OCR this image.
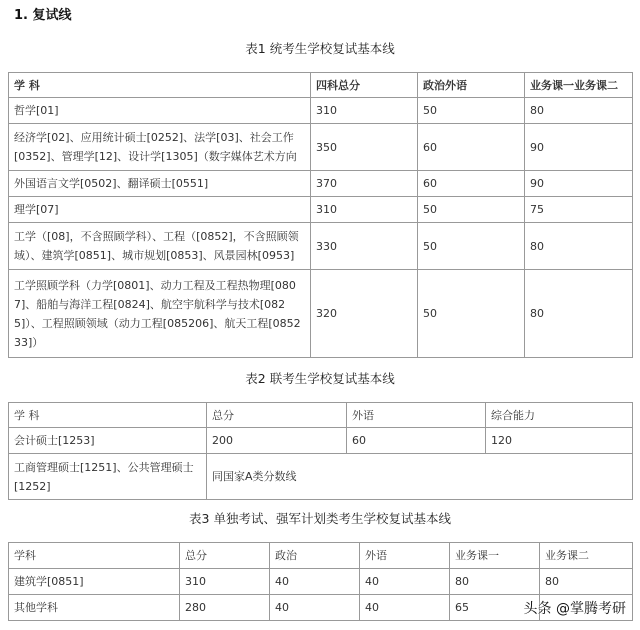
1. 复试线
表1 统考生学校复试基本线
学 科	四科总分	政治外语	业务课一业务课二
哲学[01]	310	50	80
经济学[02]、应用统计硕士[0252]、法学[03]、社会工作[0352]、管理学[12]、设计学[1305]（数字媒体艺术方向	350	60	90
外国语言文学[0502]、翻译硕士[0551]	370	60	90
理学[07]	310	50	75
工学（[08]，不含照顾学科）、工程（[0852]，不含照顾领域）、建筑学[0851]、城市规划[0853]、风景园林[0953]	330	50	80
工学照顾学科（力学[0801]、动力工程及工程热物理[0807]、船舶与海洋工程[0824]、航空宇航科学与技术[0825]）、工程照顾领域（动力工程[085206]、航天工程[085233]）	320	50	80
表2 联考生学校复试基本线
学 科	总分	外语	综合能力
会计硕士[1253]	200	60	120
工商管理硕士[1251]、公共管理硕士[1252]	同国家A类分数线		
表3 单独考试、强军计划类考生学校复试基本线
学科	总分	政治	外语	业务课一	业务课二
建筑学[0851]	310	40	40	80	80
其他学科	280	40	40	65		头条 @掌腾考研
